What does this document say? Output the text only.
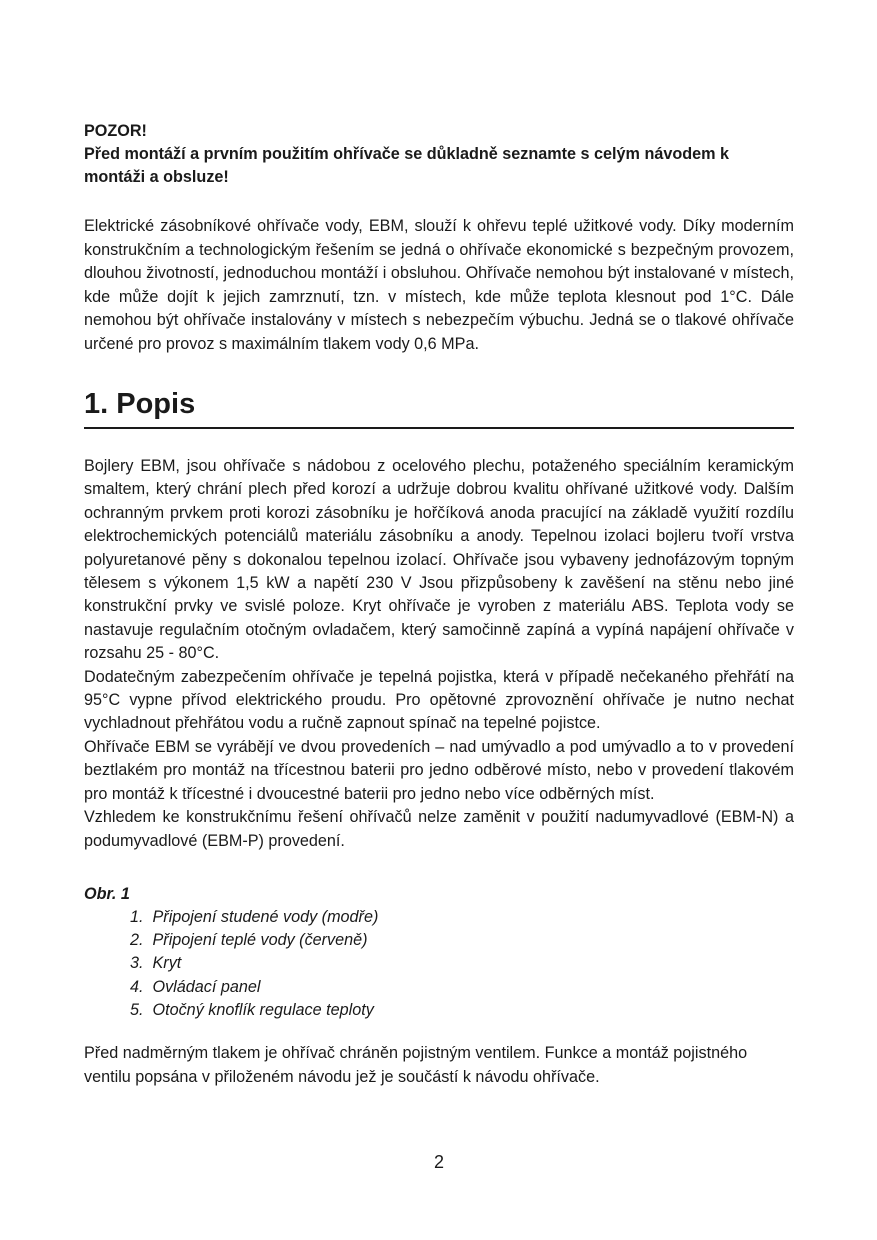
POZOR!

Před montáží a prvním použitím ohřívače se důkladně seznamte s celým návodem k montáži a obsluze!

Elektrické zásobníkové ohřívače vody, EBM, slouží k ohřevu teplé užitkové vody. Díky moderním konstrukčním a technologickým řešením se jedná o ohřívače ekonomické s bezpečným provozem, dlouhou životností, jednoduchou montáží i obsluhou. Ohřívače nemohou být instalované v místech, kde může dojít k jejich zamrznutí, tzn. v místech, kde může teplota klesnout pod 1°C. Dále nemohou být ohřívače instalovány v místech s nebezpečím výbuchu. Jedná se o tlakové ohřívače určené pro provoz s maximálním tlakem vody 0,6 MPa.

1. Popis

Bojlery EBM, jsou ohřívače s nádobou z ocelového plechu, potaženého speciálním keramickým smaltem, který chrání plech před korozí a udržuje dobrou kvalitu ohřívané užitkové vody. Dalším ochranným prvkem proti korozi zásobníku je hořčíková anoda pracující na základě využití rozdílu elektrochemických potenciálů materiálu zásobníku a anody. Tepelnou izolaci bojleru tvoří vrstva polyuretanové pěny s dokonalou tepelnou izolací. Ohřívače jsou vybaveny jednofázovým topným tělesem s výkonem 1,5 kW a napětí 230 V Jsou přizpůsobeny k zavěšení na stěnu nebo jiné konstrukční prvky ve svislé poloze. Kryt ohřívače je vyroben z materiálu ABS. Teplota vody se nastavuje regulačním otočným ovladačem, který samočinně zapíná a vypíná napájení ohřívače v rozsahu 25 - 80°C.

Dodatečným zabezpečením ohřívače je tepelná pojistka, která v případě nečekaného přehřátí na 95°C vypne přívod elektrického proudu. Pro opětovné zprovoznění ohřívače je nutno nechat vychladnout přehřátou vodu a ručně zapnout spínač na tepelné pojistce.

Ohřívače EBM se vyrábějí ve dvou provedeních – nad umývadlo a pod umývadlo a to v provedení beztlakém pro montáž na třícestnou baterii pro jedno odběrové místo, nebo v provedení tlakovém pro montáž k třícestné i dvoucestné baterii pro jedno nebo více odběrných míst.

Vzhledem ke konstrukčnímu řešení ohřívačů nelze zaměnit v použití nadumyvadlové (EBM-N) a podumyvadlové (EBM-P) provedení.

Obr. 1

1. Připojení studené vody (modře)
2. Připojení teplé vody (červeně)
3. Kryt
4. Ovládací panel
5. Otočný knoflík regulace teploty

Před nadměrným tlakem je ohřívač chráněn pojistným ventilem. Funkce a montáž pojistného ventilu popsána v přiloženém návodu jež je součástí k návodu ohřívače.

2
